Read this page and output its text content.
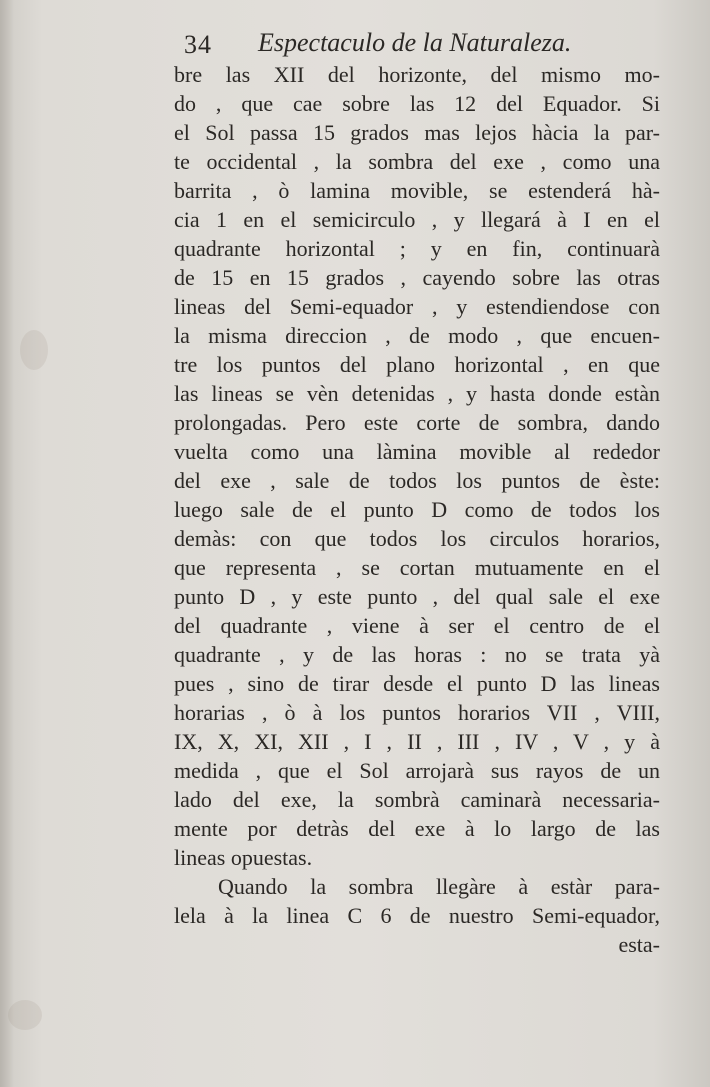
34 Espectaculo de la Naturaleza.
bre las XII del horizonte, del mismo mo-
do , que cae sobre las 12 del Equador. Si
el Sol passa 15 grados mas lejos hàcia la par-
te occidental , la sombra del exe , como una
barrita , ò lamina movible, se estenderá hà-
cia 1 en el semicirculo , y llegará à I en el
quadrante horizontal ; y en fin, continuarà
de 15 en 15 grados , cayendo sobre las otras
lineas del Semi-equador , y estendiendose con
la misma direccion , de modo , que encuen-
tre los puntos del plano horizontal , en que
las lineas se vèn detenidas , y hasta donde estàn
prolongadas. Pero este corte de sombra, dando
vuelta como una làmina movible al rededor
del exe , sale de todos los puntos de èste:
luego sale de el punto D como de todos los
demàs: con que todos los circulos horarios,
que representa , se cortan mutuamente en el
punto D , y este punto , del qual sale el exe
del quadrante , viene à ser el centro de el
quadrante , y de las horas : no se trata yà
pues , sino de tirar desde el punto D las lineas
horarias , ò à los puntos horarios VII , VIII,
IX, X, XI, XII , I , II , III , IV , V , y à
medida , que el Sol arrojarà sus rayos de un
lado del exe, la sombrà caminarà necessaria-
mente por detràs del exe à lo largo de las
lineas opuestas.
Quando la sombra llegàre à estàr para-
lela à la linea C 6 de nuestro Semi-equador,
esta-
